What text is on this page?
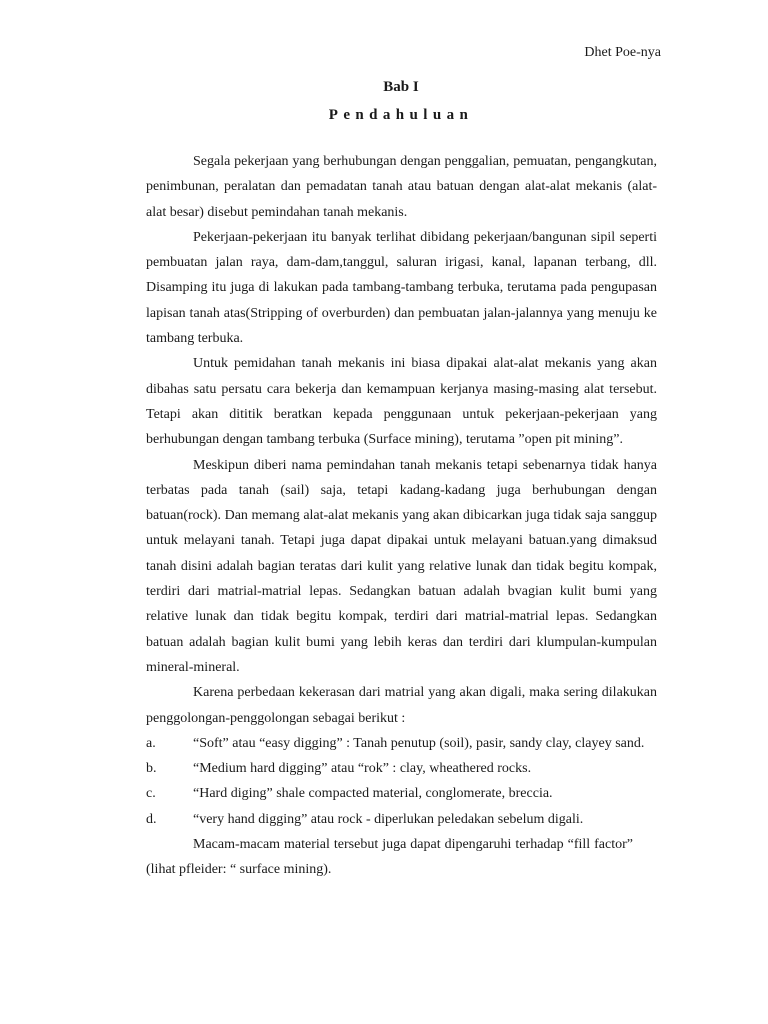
Dhet Poe-nya
Bab I
Pendahuluan

Segala pekerjaan yang berhubungan dengan penggalian, pemuatan, pengangkutan, penimbunan, peralatan dan pemadatan tanah atau batuan dengan alat-alat mekanis (alat-alat besar) disebut pemindahan tanah mekanis.

Pekerjaan-pekerjaan itu banyak terlihat dibidang pekerjaan/bangunan sipil seperti pembuatan jalan raya, dam-dam,tanggul, saluran irigasi, kanal, lapanan terbang, dll. Disamping itu juga di lakukan pada tambang-tambang terbuka, terutama pada pengupasan lapisan tanah atas(Stripping of overburden) dan pembuatan jalan-jalannya yang menuju ke tambang terbuka.

Untuk pemidahan tanah mekanis ini biasa dipakai alat-alat mekanis yang akan dibahas satu persatu cara bekerja dan kemampuan kerjanya masing-masing alat tersebut. Tetapi akan dititik beratkan kepada penggunaan untuk pekerjaan-pekerjaan yang berhubungan dengan tambang terbuka (Surface mining), terutama ”open pit mining”.

Meskipun diberi nama pemindahan tanah mekanis tetapi sebenarnya tidak hanya terbatas pada tanah (sail) saja, tetapi kadang-kadang juga berhubungan dengan batuan(rock). Dan memang alat-alat mekanis yang akan dibicarkan juga tidak saja sanggup untuk melayani tanah. Tetapi juga dapat dipakai untuk melayani batuan.yang dimaksud tanah disini adalah bagian teratas dari kulit yang relative lunak dan tidak begitu kompak, terdiri dari matrial-matrial lepas. Sedangkan batuan adalah bvagian kulit bumi yang relative lunak dan tidak begitu kompak, terdiri dari matrial-matrial lepas. Sedangkan batuan adalah bagian kulit bumi yang lebih keras dan terdiri dari klumpulan-kumpulan mineral-mineral.

Karena perbedaan kekerasan dari matrial yang akan digali, maka sering dilakukan penggolongan-penggolongan sebagai berikut :

a.	“Soft” atau “easy digging” : Tanah penutup (soil), pasir, sandy clay, clayey sand.
b.	“Medium hard digging” atau “rok” : clay, wheathered rocks.
c.	“Hard diging” shale compacted material, conglomerate, breccia.
d.	“very hand digging” atau rock - diperlukan peledakan sebelum digali.

Macam-macam material tersebut juga dapat dipengaruhi terhadap “fill factor”(lihat pfleider: “ surface mining).
